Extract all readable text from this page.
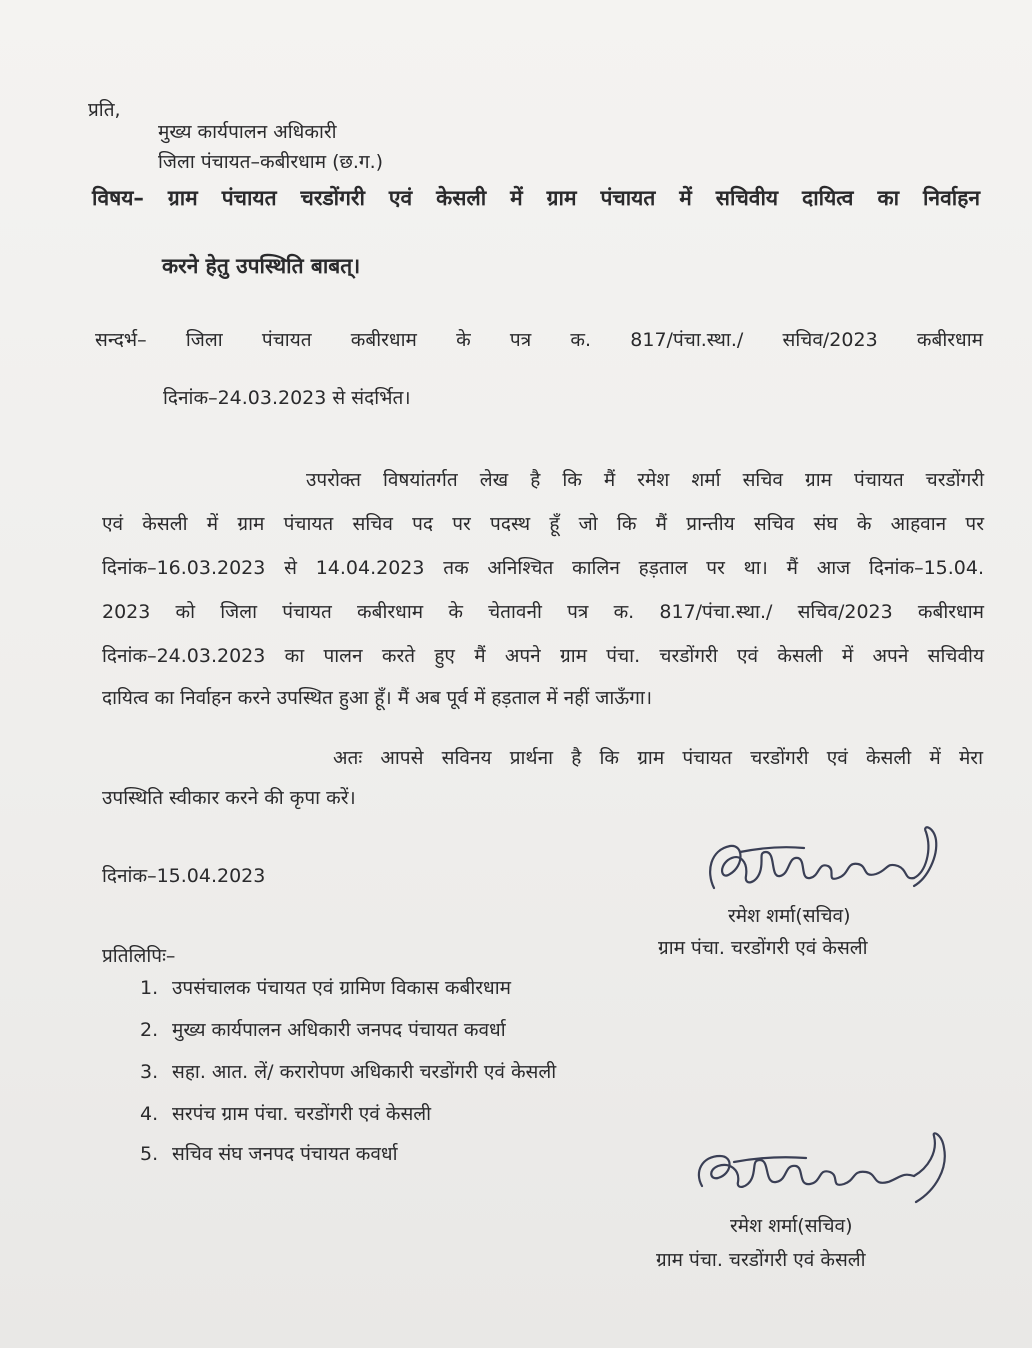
प्रति,
मुख्य कार्यपालन अधिकारी
जिला पंचायत–कबीरधाम (छ.ग.)
विषय– ग्राम पंचायत चरडोंगरी एवं केसली में ग्राम पंचायत में सचिवीय दायित्व का निर्वाहन
करने हेतु उपस्थिति बाबत्।
सन्दर्भ– जिला पंचायत कबीरधाम के पत्र क. 817/पंचा.स्था./ सचिव/2023 कबीरधाम
दिनांक–24.03.2023 से संदर्भित।
उपरोक्त विषयांतर्गत लेख है कि मैं रमेश शर्मा सचिव ग्राम पंचायत चरडोंगरी
एवं केसली में ग्राम पंचायत सचिव पद पर पदस्थ हूँ जो कि मैं प्रान्तीय सचिव संघ के आहवान पर
दिनांक–16.03.2023 से 14.04.2023 तक अनिश्चित कालिन हड़ताल पर था। मैं आज दिनांक–15.04.
2023 को जिला पंचायत कबीरधाम के चेतावनी पत्र क. 817/पंचा.स्था./ सचिव/2023 कबीरधाम
दिनांक–24.03.2023 का पालन करते हुए मैं अपने ग्राम पंचा. चरडोंगरी एवं केसली में अपने सचिवीय
दायित्व का निर्वाहन करने उपस्थित हुआ हूँ। मैं अब पूर्व में हड़ताल में नहीं जाऊँगा।
अतः आपसे सविनय प्रार्थना है कि ग्राम पंचायत चरडोंगरी एवं केसली में मेरा
उपस्थिति स्वीकार करने की कृपा करें।
दिनांक–15.04.2023
रमेश शर्मा(सचिव)
ग्राम पंचा. चरडोंगरी एवं केसली
प्रतिलिपिः–
1. उपसंचालक पंचायत एवं ग्रामिण विकास कबीरधाम
2. मुख्य कार्यपालन अधिकारी जनपद पंचायत कवर्धा
3. सहा. आत. लें/ करारोपण अधिकारी चरडोंगरी एवं केसली
4. सरपंच ग्राम पंचा. चरडोंगरी एवं केसली
5. सचिव संघ जनपद पंचायत कवर्धा
रमेश शर्मा(सचिव)
ग्राम पंचा. चरडोंगरी एवं केसली
